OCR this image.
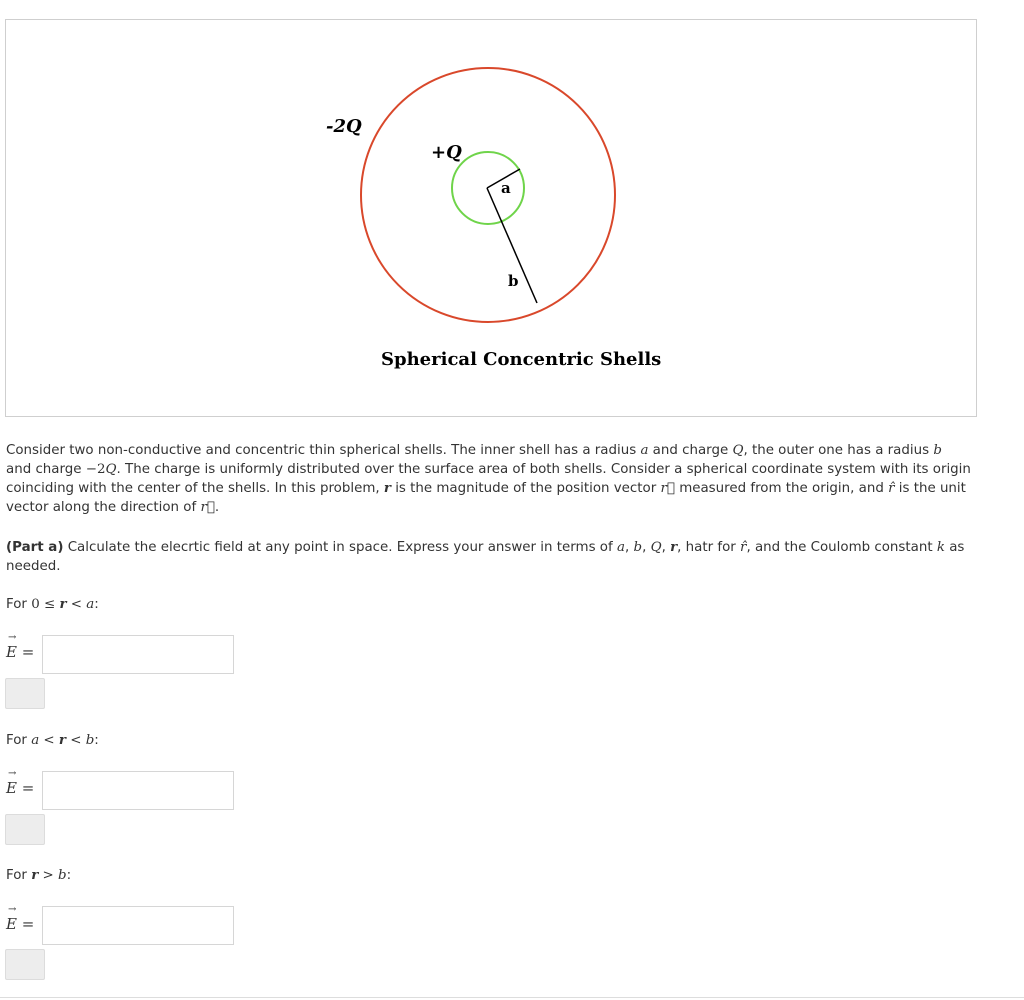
-2Q
+Q
a
b
Spherical Concentric Shells
Consider two non-conductive and concentric thin spherical shells. The inner shell has a radius a and charge Q, the outer one has a radius b and charge −2Q. The charge is uniformly distributed over the surface area of both shells. Consider a spherical coordinate system with its origin coinciding with the center of the shells. In this problem, r is the magnitude of the position vector r⃗ measured from the origin, and r̂ is the unit vector along the direction of r⃗.
(Part a) Calculate the elecrtic field at any point in space. Express your answer in terms of a, b, Q, r, hatr for r̂, and the Coulomb constant k as needed.
For 0 ≤ r < a:
E
→
=
For a < r < b:
E
→
=
For r > b:
E
→
=
